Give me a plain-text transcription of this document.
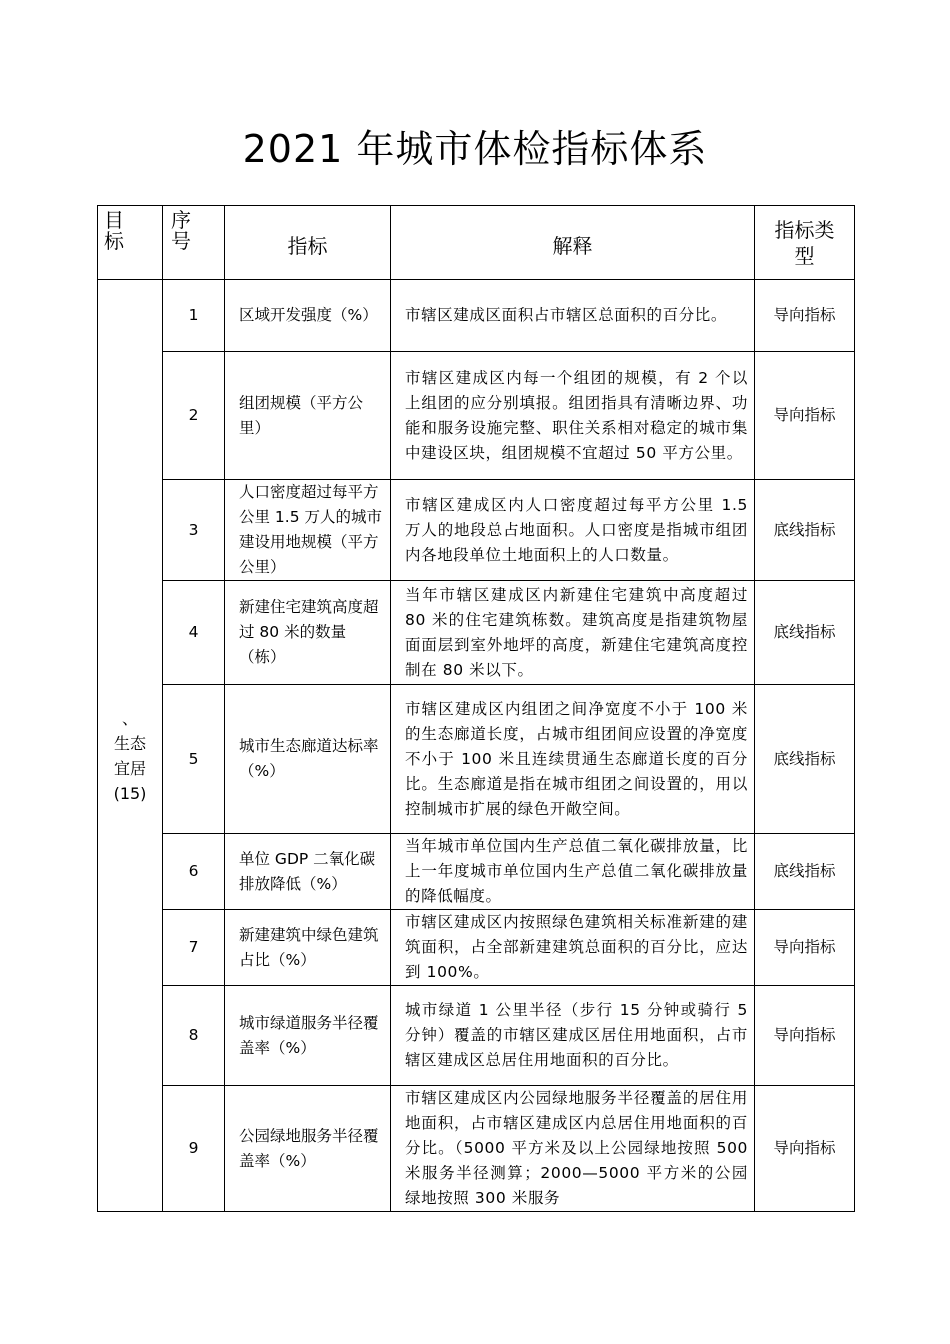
2021 年城市体检指标体系
目标	序号	指标	解释	指标类型

、
生态
宜居
(15)	1	区域开发强度（%）	市辖区建成区面积占市辖区总面积的百分比。	导向指标
	2	组团规模（平方公里）	市辖区建成区内每一个组团的规模，有 2 个以上组团的应分别填报。组团指具有清晰边界、功能和服务设施完整、职住关系相对稳定的城市集中建设区块，组团规模不宜超过 50 平方公里。	导向指标
	3	人口密度超过每平方公里 1.5 万人的城市建设用地规模（平方公里）	市辖区建成区内人口密度超过每平方公里 1.5 万人的地段总占地面积。人口密度是指城市组团内各地段单位土地面积上的人口数量。	底线指标
	4	新建住宅建筑高度超过 80 米的数量（栋）	当年市辖区建成区内新建住宅建筑中高度超过 80 米的住宅建筑栋数。建筑高度是指建筑物屋面面层到室外地坪的高度，新建住宅建筑高度控制在 80 米以下。	底线指标
	5	城市生态廊道达标率（%）	市辖区建成区内组团之间净宽度不小于 100 米的生态廊道长度，占城市组团间应设置的净宽度不小于 100 米且连续贯通生态廊道长度的百分比。生态廊道是指在城市组团之间设置的，用以控制城市扩展的绿色开敞空间。	底线指标
	6	单位 GDP 二氧化碳排放降低（%）	当年城市单位国内生产总值二氧化碳排放量，比上一年度城市单位国内生产总值二氧化碳排放量的降低幅度。	底线指标
	7	新建建筑中绿色建筑占比（%）	市辖区建成区内按照绿色建筑相关标准新建的建筑面积，占全部新建建筑总面积的百分比，应达到 100%。	导向指标
	8	城市绿道服务半径覆盖率（%）	城市绿道 1 公里半径（步行 15 分钟或骑行 5 分钟）覆盖的市辖区建成区居住用地面积，占市辖区建成区总居住用地面积的百分比。	导向指标
	9	公园绿地服务半径覆盖率（%）	市辖区建成区内公园绿地服务半径覆盖的居住用地面积，占市辖区建成区内总居住用地面积的百分比。（5000 平方米及以上公园绿地按照 500 米服务半径测算；2000—5000 平方米的公园绿地按照 300 米服务	导向指标
